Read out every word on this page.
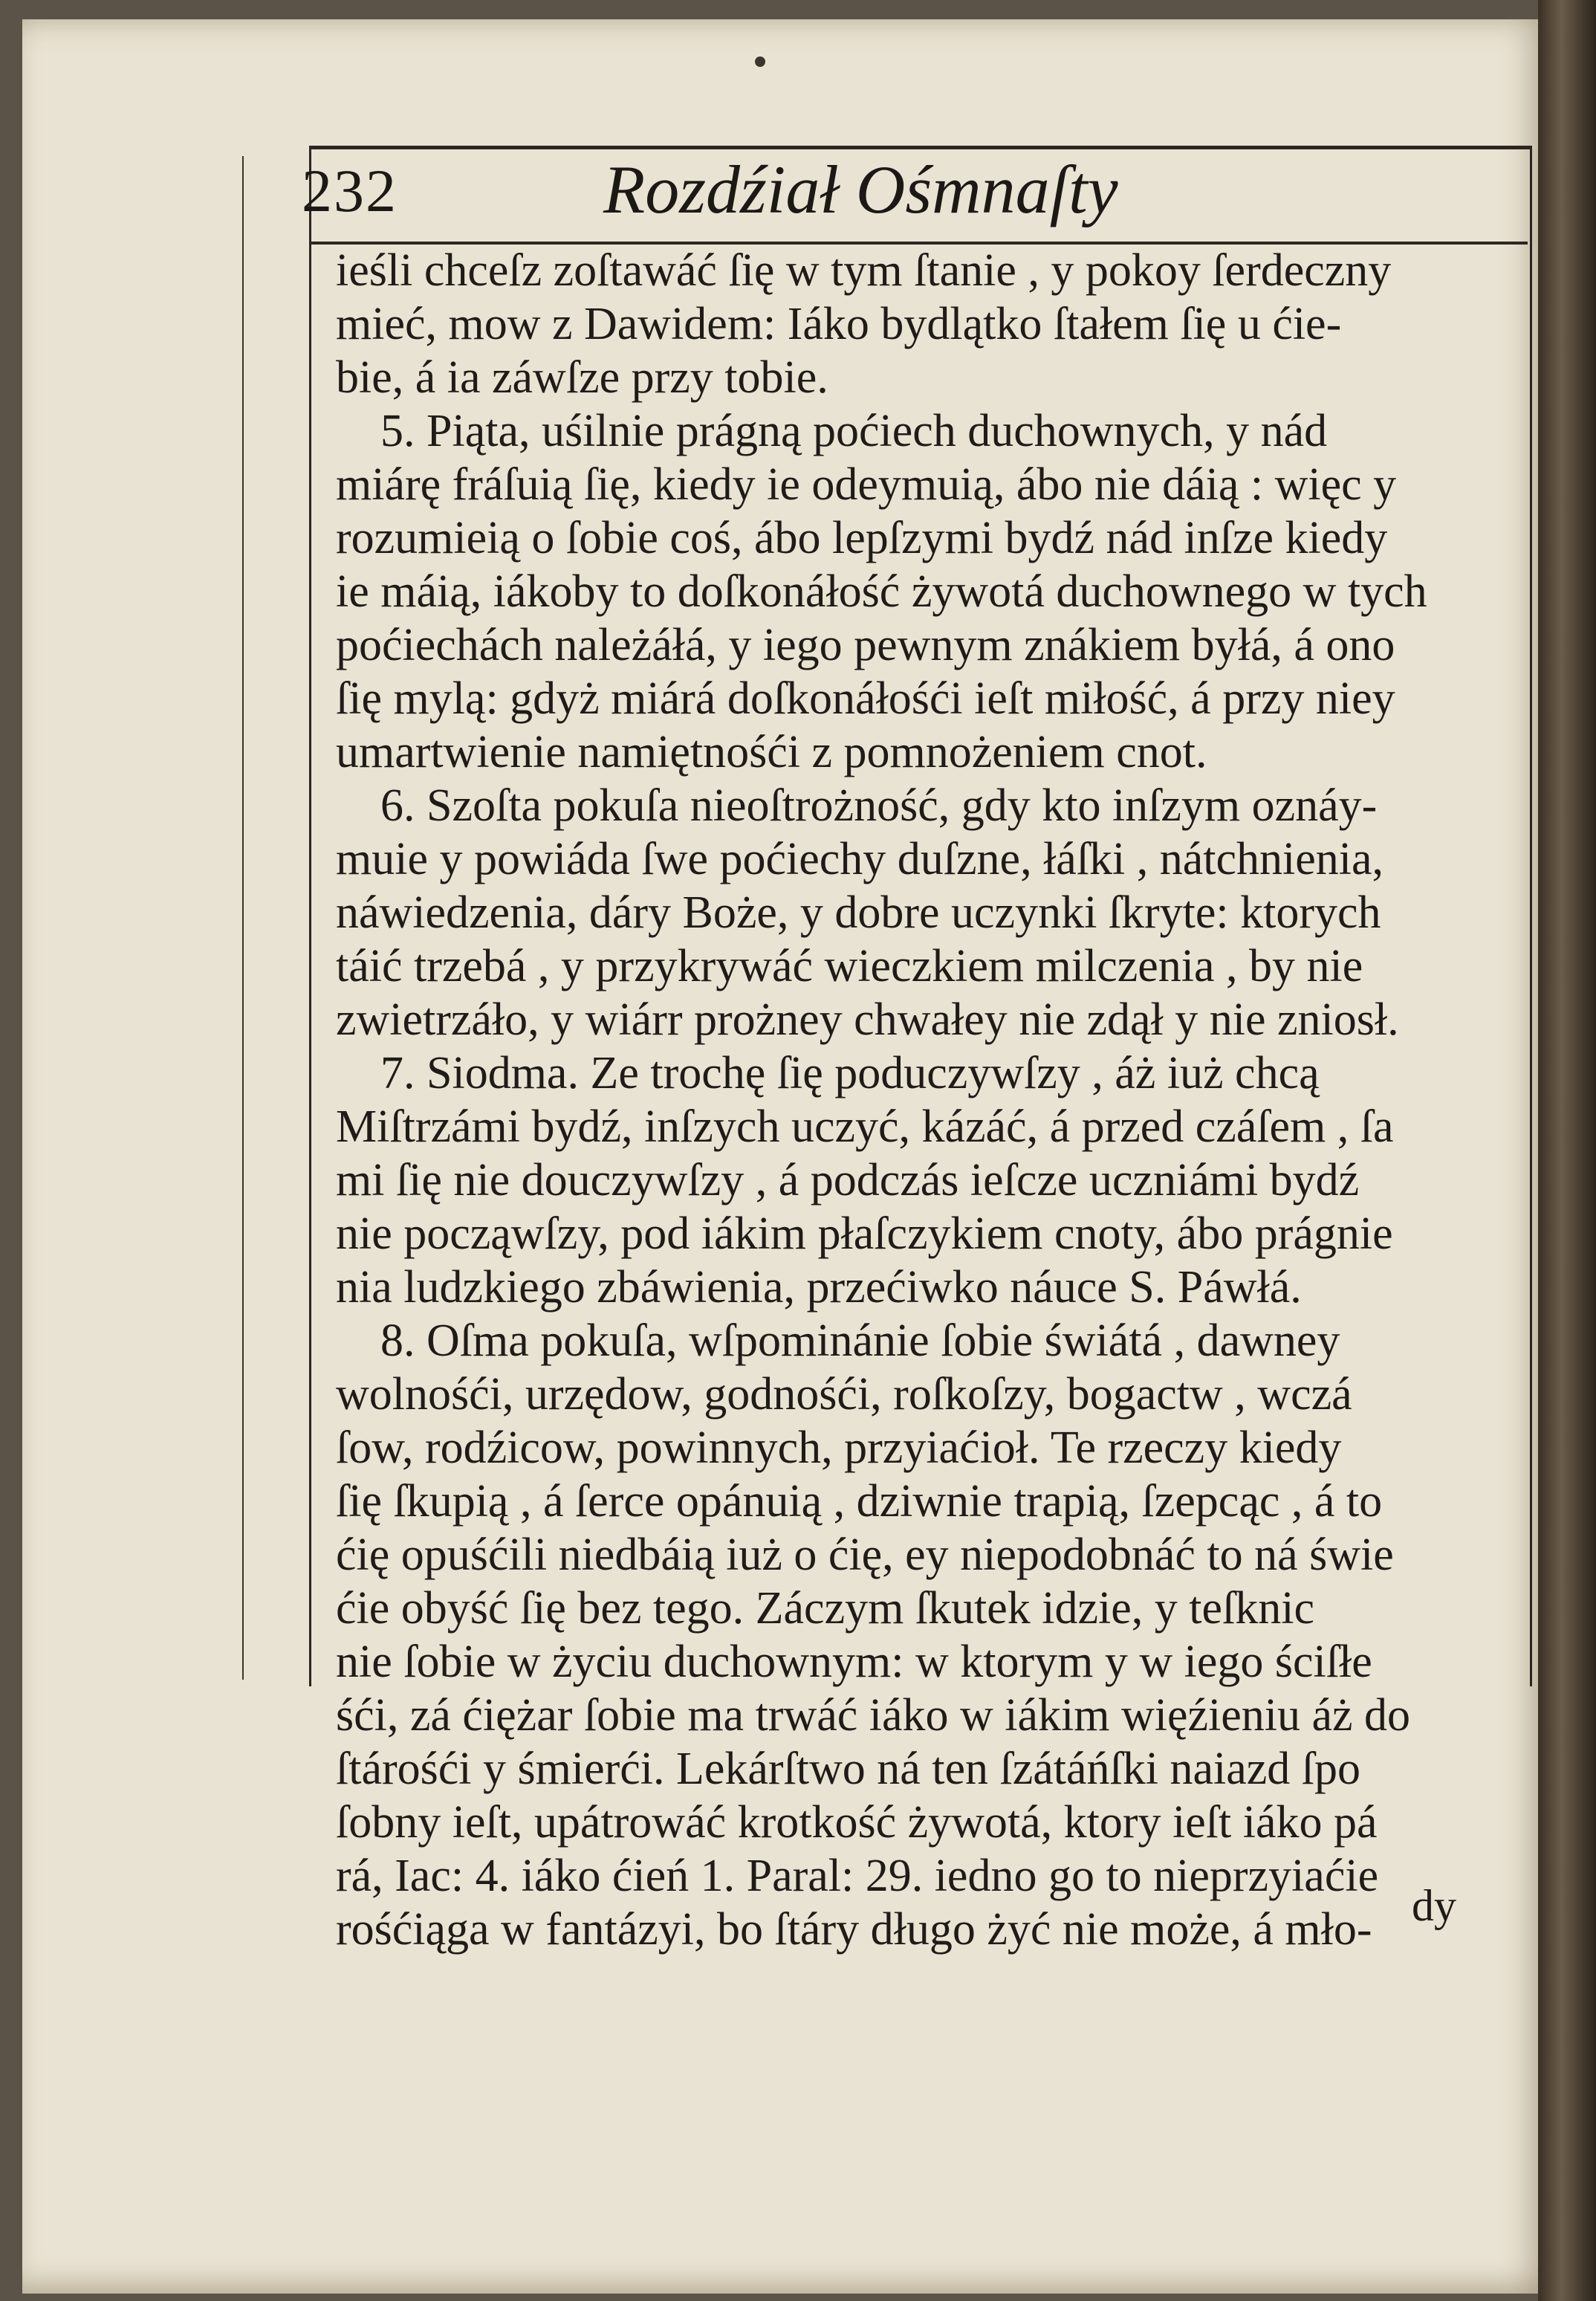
232	Rozdźiał Ośmnaſty
ieśli chceſz zoſtawáć ſię w tym ſtanie , y pokoy ſerdeczny
mieć, mow z Dawidem: Iáko bydlątko ſtałem ſię u ćie-
bie, á ia záwſze przy tobie.
5. Piąta, uśilnie prágną poćiech duchownych, y nád
miárę fráſuią ſię, kiedy ie odeymuią, ábo nie dáią : więc y
rozumieią o ſobie coś, ábo lepſzymi bydź nád inſze kiedy
ie máią, iákoby to doſkonáłość żywotá duchownego w tych
poćiechách należáłá, y iego pewnym znákiem byłá, á ono
ſię mylą: gdyż miárá doſkonáłośći ieſt miłość, á przy niey
umartwienie namiętnośći z pomnożeniem cnot.
6. Szoſta pokuſa nieoſtrożność, gdy kto inſzym oznáy-
muie y powiáda ſwe poćiechy duſzne, łáſki , nátchnienia,
náwiedzenia, dáry Boże, y dobre uczynki ſkryte: ktorych
táić trzebá , y przykrywáć wieczkiem milczenia , by nie
zwietrzáło, y wiárr prożney chwałey nie zdął y nie zniosł.
7. Siodma. Ze trochę ſię poduczywſzy , áż iuż chcą
Miſtrzámi bydź, inſzych uczyć, kázáć, á przed czáſem , ſa
mi ſię nie douczywſzy , á podczás ieſcze uczniámi bydź
nie począwſzy, pod iákim płaſczykiem cnoty, ábo prágnie
nia ludzkiego zbáwienia, przećiwko náuce S. Páwłá.
8. Oſma pokuſa, wſpominánie ſobie świátá , dawney
wolnośći, urzędow, godnośći, roſkoſzy, bogactw , wczá
ſow, rodźicow, powinnych, przyiaćioł. Te rzeczy kiedy
ſię ſkupią , á ſerce opánuią , dziwnie trapią, ſzepcąc , á to
ćię opuśćili niedbáią iuż o ćię, ey niepodobnáć to ná świe
ćie obyść ſię bez tego. Záczym ſkutek idzie, y teſknic
nie ſobie w życiu duchownym: w ktorym y w iego ściſłe
śći, zá ćiężar ſobie ma trwáć iáko w iákim więźieniu áż do
ſtárośći y śmierći. Lekárſtwo ná ten ſzátáńſki naiazd ſpo
ſobny ieſt, upátrowáć krotkość żywotá, ktory ieſt iáko pá
rá, Iac: 4. iáko ćień 1. Paral: 29. iedno go to nieprzyiaćie
rośćiąga w fantázyi, bo ſtáry długo żyć nie może, á mło- dy
